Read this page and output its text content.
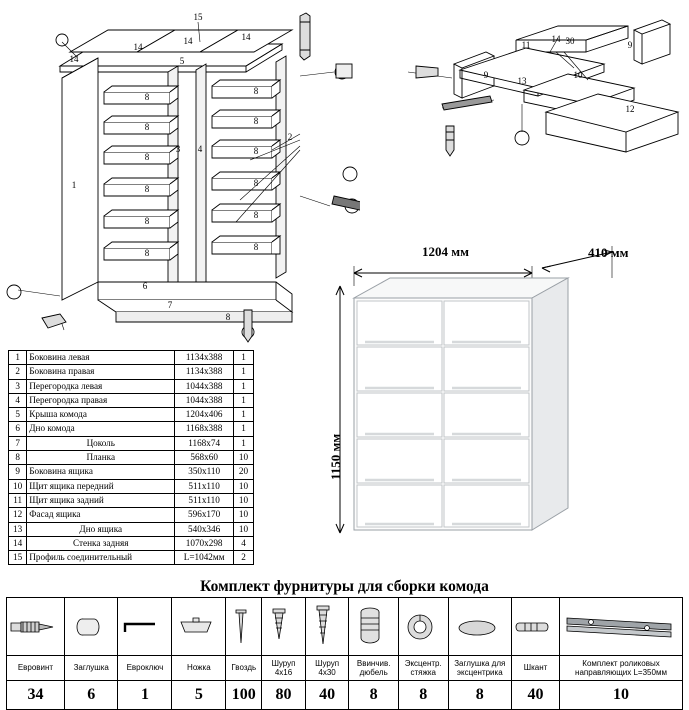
15
14
14	14
14	5
1
3 4
2
6
7
8
8
8
8
8
8
8
8
8
8
8
8
8
11
14 30	9
9
13
10
12
1	Боковина левая	1134х388	1
2	Боковина правая	1134х388	1
3	Перегородка левая	1044х388	1
4	Перегородка правая	1044х388	1
5	Крыша комода	1204х406	1
6	Дно комода	1168х388	1
7	Цоколь	1168х74	1
8	Планка	568х60	10
9	Боковина ящика	350х110	20
10	Щит ящика передний	511х110	10
11	Щит ящика задний	511х110	10
12	Фасад ящика	596х170	10
13	Дно ящика	540х346	10
14	Стенка задняя	1070х298	4
15	Профиль соединительный	L=1042мм	2
1204 мм	410 мм
1150 мм
Комплект фурнитуры для сборки комода

Евровинт	Заглушка	Евроключ	Ножка	Гвоздь	Шуруп 4х16	Шуруп 4х30	Ввинчив. дюбель	Эксцентр. стяжка	Заглушка для эксцентрика	Шкант	Комплект роликовых направляющих L=350мм
34	6	1	5	100	80	40	8	8	8	40	10
